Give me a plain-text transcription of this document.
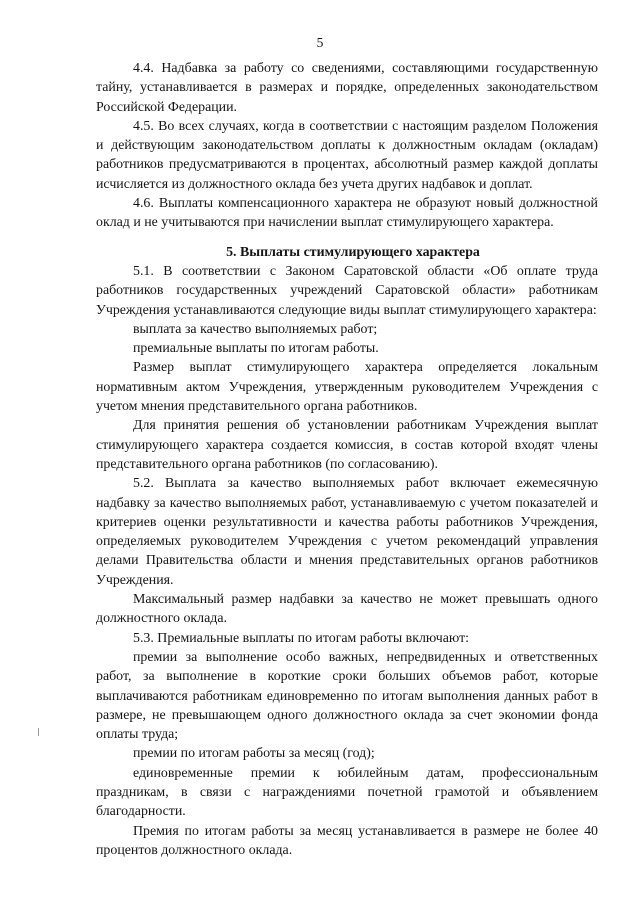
5

4.4. Надбавка за работу со сведениями, составляющими государственную тайну, устанавливается в размерах и порядке, определенных законодательством Российской Федерации.

4.5. Во всех случаях, когда в соответствии с настоящим разделом Положения и действующим законодательством доплаты к должностным окладам (окладам) работников предусматриваются в процентах, абсолютный размер каждой доплаты исчисляется из должностного оклада без учета других надбавок и доплат.

4.6. Выплаты компенсационного характера не образуют новый должностной оклад и не учитываются при начислении выплат стимулирующего характера.

5. Выплаты стимулирующего характера

5.1. В соответствии с Законом Саратовской области «Об оплате труда работников государственных учреждений Саратовской области» работникам Учреждения устанавливаются следующие виды выплат стимулирующего характера:

выплата за качество выполняемых работ;

премиальные выплаты по итогам работы.

Размер выплат стимулирующего характера определяется локальным нормативным актом Учреждения, утвержденным руководителем Учреждения с учетом мнения представительного органа работников.

Для принятия решения об установлении работникам Учреждения выплат стимулирующего характера создается комиссия, в состав которой входят члены представительного органа работников (по согласованию).

5.2. Выплата за качество выполняемых работ включает ежемесячную надбавку за качество выполняемых работ, устанавливаемую с учетом показателей и критериев оценки результативности и качества работы работников Учреждения, определяемых руководителем Учреждения с учетом рекомендаций управления делами Правительства области и мнения представительных органов работников Учреждения.

Максимальный размер надбавки за качество не может превышать одного должностного оклада.

5.3. Премиальные выплаты по итогам работы включают:

премии за выполнение особо важных, непредвиденных и ответственных работ, за выполнение в короткие сроки больших объемов работ, которые выплачиваются работникам единовременно по итогам выполнения данных работ в размере, не превышающем одного должностного оклада за счет экономии фонда оплаты труда;

премии по итогам работы за месяц (год);

единовременные премии к юбилейным датам, профессиональным праздникам, в связи с награждениями почетной грамотой и объявлением благодарности.

Премия по итогам работы за месяц устанавливается в размере не более 40 процентов должностного оклада.
